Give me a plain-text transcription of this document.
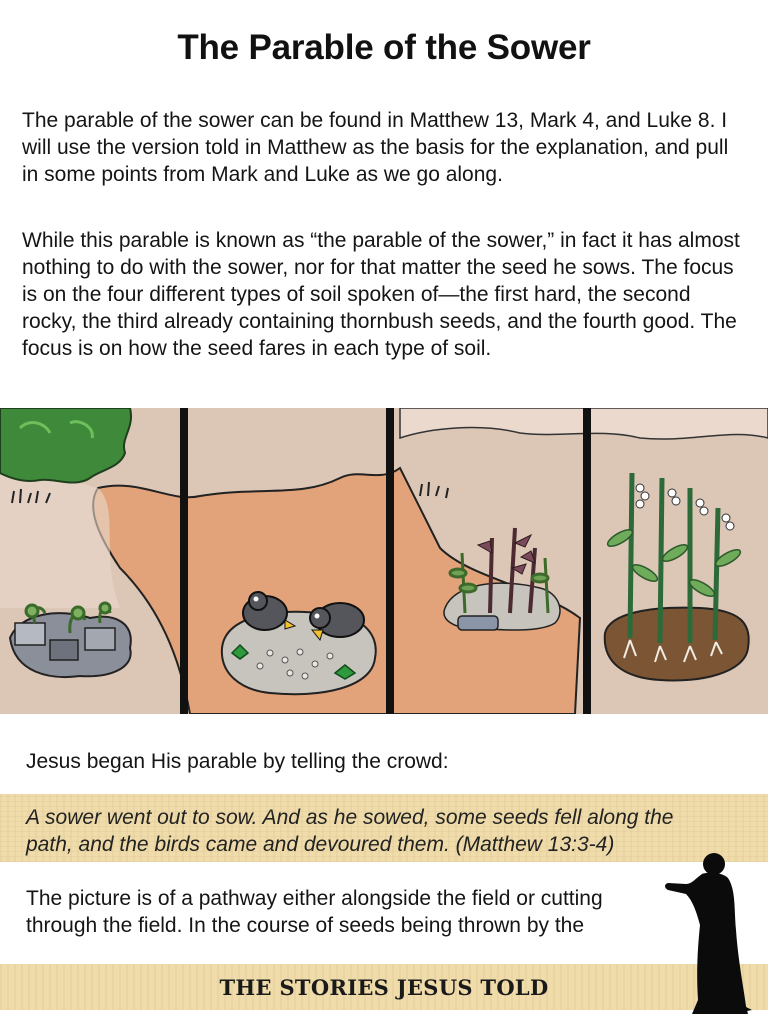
The Parable of the Sower
The parable of the sower can be found in Matthew 13, Mark 4, and Luke 8. I will use the version told in Matthew as the basis for the explanation, and pull in some points from Mark and Luke as we go along.
While this parable is known as “the parable of the sower,” in fact it has almost nothing to do with the sower, nor for that matter the seed he sows. The focus is on the four different types of soil spoken of—the first hard, the second rocky, the third already containing thornbush seeds, and the fourth good. The focus is on how the seed fares in each type of soil.
Jesus began His parable by telling the crowd:
A sower went out to sow. And as he sowed, some seeds fell along the path, and the birds came and devoured them. (Matthew 13:3-4)
The picture is of a pathway either alongside the field or cutting through the field. In the course of seeds being thrown by the
THE STORIES JESUS TOLD
